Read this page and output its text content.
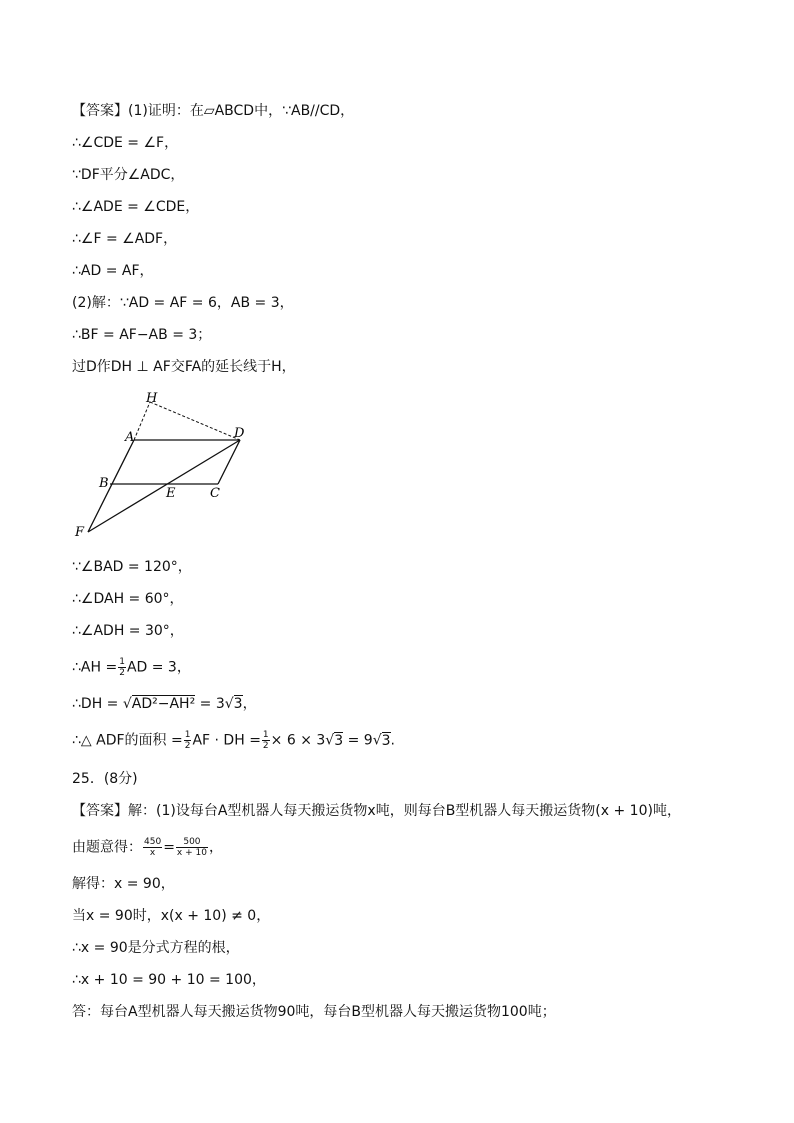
【答案】(1)证明：在▱ABCD中，∵AB//CD，
∴∠CDE = ∠F，
∵DF平分∠ADC，
∴∠ADE = ∠CDE，
∴∠F = ∠ADF，
∴AD = AF，
(2)解：∵AD = AF = 6，AB = 3，
∴BF = AF−AB = 3；
过D作DH ⊥ AF交FA的延长线于H，
H
A	D
B
E	C
F
∵∠BAD = 120°，
∴∠DAH = 60°，
∴∠ADH = 30°，
∴AH = $\frac{1}{2}$ AD = 3，
∴DH = √AD²−AH² = 3√3，
∴△ ADF的面积 = $\frac{1}{2}$ AF · DH = $\frac{1}{2} \times 6 \times 3√3 = 9√3$.
25．(8分)
【答案】解：(1)设每台A型机器人每天搬运货物x吨，则每台B型机器人每天搬运货物(x + 10)吨，
由题意得： $\frac{450}{x} = \frac{500}{x + 10}$ ，
解得：x = 90，
当x = 90时，x(x + 10) ≠ 0，
∴x = 90是分式方程的根，
∴x + 10 = 90 + 10 = 100，
答：每台A型机器人每天搬运货物90吨，每台B型机器人每天搬运货物100吨；
